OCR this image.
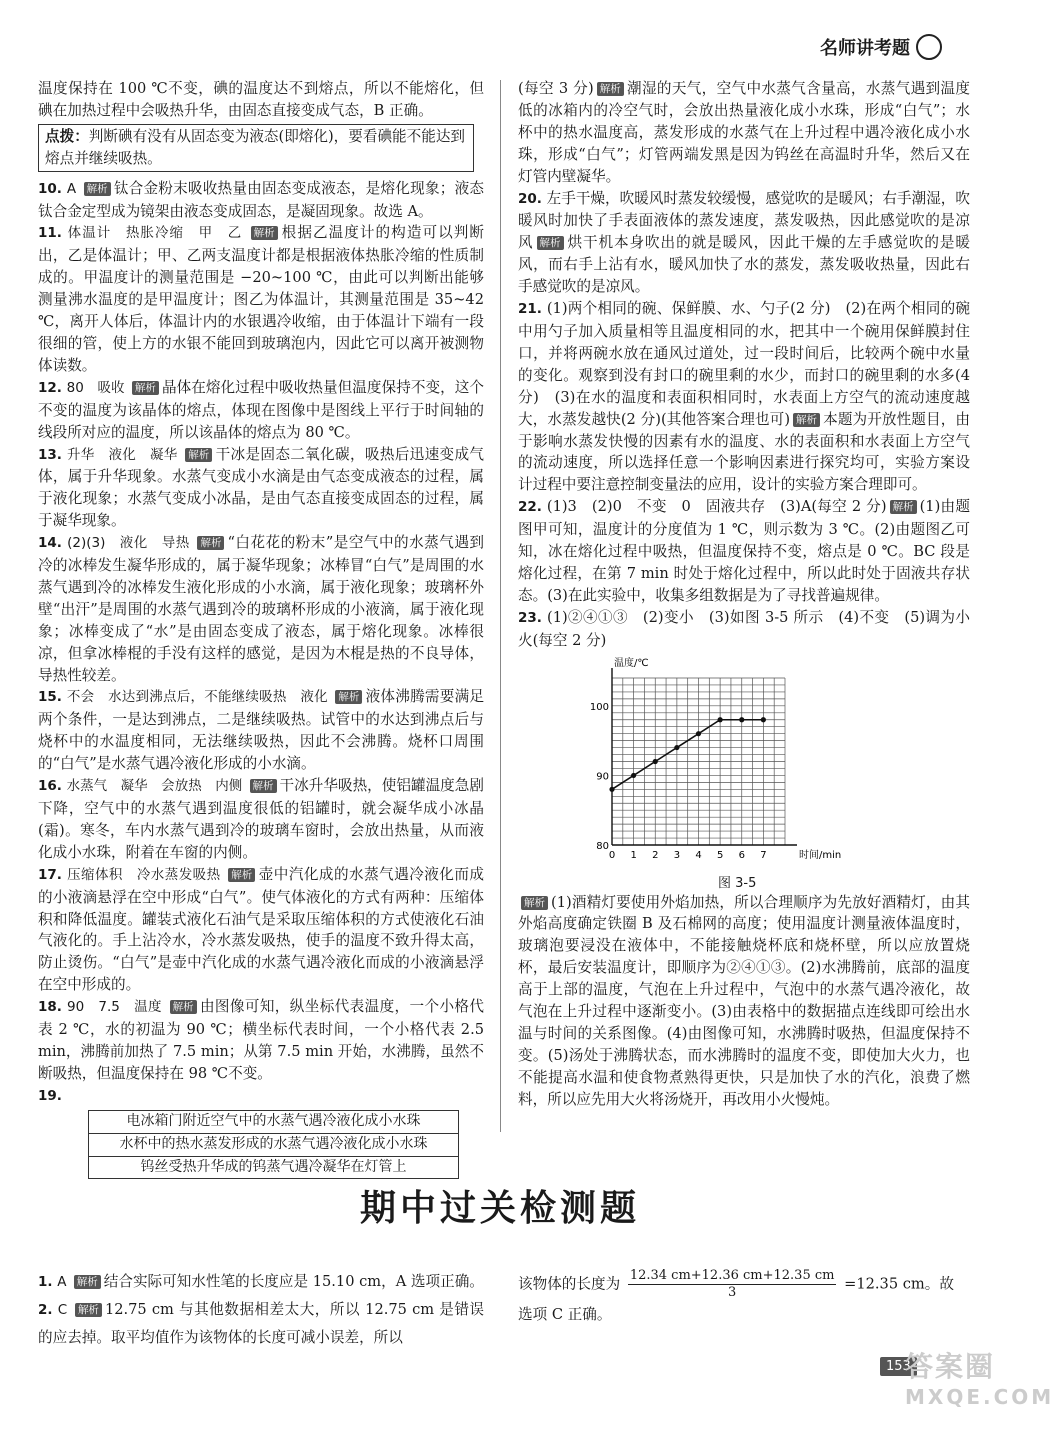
名师讲考题
温度保持在 100 ℃不变，碘的温度达不到熔点，所以不能熔化，但碘在加热过程中会吸热升华，由固态直接变成气态，B 正确。
点拨：判断碘有没有从固态变为液态(即熔化)，要看碘能不能达到熔点并继续吸热。
10. A 解析 钛合金粉末吸收热量由固态变成液态，是熔化现象；液态钛合金定型成为镜架由液态变成固态，是凝固现象。故选 A。
11. 体温计　热胀冷缩　甲　乙 解析 根据乙温度计的构造可以判断出，乙是体温计；甲、乙两支温度计都是根据液体热胀冷缩的性质制成的。甲温度计的测量范围是 −20~100 ℃，由此可以判断出能够测量沸水温度的是甲温度计；图乙为体温计，其测量范围是 35~42 ℃，离开人体后，体温计内的水银遇冷收缩，由于体温计下端有一段很细的管，使上方的水银不能回到玻璃泡内，因此它可以离开被测物体读数。
12. 80　吸收 解析 晶体在熔化过程中吸收热量但温度保持不变，这个不变的温度为该晶体的熔点，体现在图像中是图线上平行于时间轴的线段所对应的温度，所以该晶体的熔点为 80 ℃。
13. 升华　液化　凝华 解析 干冰是固态二氧化碳，吸热后迅速变成气体，属于升华现象。水蒸气变成小水滴是由气态变成液态的过程，属于液化现象；水蒸气变成小冰晶，是由气态直接变成固态的过程，属于凝华现象。
14. (2)(3)　液化　导热 解析 “白花花的粉末”是空气中的水蒸气遇到冷的冰棒发生凝华形成的，属于凝华现象；冰棒冒“白气”是周围的水蒸气遇到冷的冰棒发生液化形成的小水滴，属于液化现象；玻璃杯外壁“出汗”是周围的水蒸气遇到冷的玻璃杯形成的小液滴，属于液化现象；冰棒变成了“水”是由固态变成了液态，属于熔化现象。冰棒很凉，但拿冰棒棍的手没有这样的感觉，是因为木棍是热的不良导体，导热性较差。
15. 不会　水达到沸点后，不能继续吸热　液化 解析 液体沸腾需要满足两个条件，一是达到沸点，二是继续吸热。试管中的水达到沸点后与烧杯中的水温度相同，无法继续吸热，因此不会沸腾。烧杯口周围的“白气”是水蒸气遇冷液化形成的小水滴。
16. 水蒸气　凝华　会放热　内侧 解析 干冰升华吸热，使铝罐温度急剧下降，空气中的水蒸气遇到温度很低的铝罐时，就会凝华成小冰晶(霜)。寒冬，车内水蒸气遇到冷的玻璃车窗时，会放出热量，从而液化成小水珠，附着在车窗的内侧。
17. 压缩体积　冷水蒸发吸热 解析 壶中汽化成的水蒸气遇冷液化而成的小液滴悬浮在空中形成“白气”。使气体液化的方式有两种：压缩体积和降低温度。罐装式液化石油气是采取压缩体积的方式使液化石油气液化的。手上沾冷水，冷水蒸发吸热，使手的温度不致升得太高，防止烫伤。“白气”是壶中汽化成的水蒸气遇冷液化而成的小液滴悬浮在空中形成的。
18. 90　7.5　温度 解析 由图像可知，纵坐标代表温度，一个小格代表 2 ℃，水的初温为 90 ℃；横坐标代表时间，一个小格代表 2.5 min，沸腾前加热了 7.5 min；从第 7.5 min 开始，水沸腾，虽然不断吸热，但温度保持在 98 ℃不变。
19.
电冰箱门附近空气中的水蒸气遇冷液化成小水珠
水杯中的热水蒸发形成的水蒸气遇冷液化成小水珠
钨丝受热升华成的钨蒸气遇冷凝华在灯管上
(每空 3 分) 解析 潮湿的天气，空气中水蒸气含量高，水蒸气遇到温度低的冰箱内的冷空气时，会放出热量液化成小水珠，形成“白气”；水杯中的热水温度高，蒸发形成的水蒸气在上升过程中遇冷液化成小水珠，形成“白气”；灯管两端发黑是因为钨丝在高温时升华，然后又在灯管内壁凝华。
20. 左手干燥，吹暖风时蒸发较缓慢，感觉吹的是暖风；右手潮湿，吹暖风时加快了手表面液体的蒸发速度，蒸发吸热，因此感觉吹的是凉风 解析 烘干机本身吹出的就是暖风，因此干燥的左手感觉吹的是暖风，而右手上沾有水，暖风加快了水的蒸发，蒸发吸收热量，因此右手感觉吹的是凉风。
21. (1)两个相同的碗、保鲜膜、水、勺子(2 分)　(2)在两个相同的碗中用勺子加入质量相等且温度相同的水，把其中一个碗用保鲜膜封住口，并将两碗水放在通风过道处，过一段时间后，比较两个碗中水量的变化。观察到没有封口的碗里剩的水少，而封口的碗里剩的水多(4 分)　(3)在水的温度和表面积相同时，水表面上方空气的流动速度越大，水蒸发越快(2 分)(其他答案合理也可) 解析 本题为开放性题目，由于影响水蒸发快慢的因素有水的温度、水的表面积和水表面上方空气的流动速度，所以选择任意一个影响因素进行探究均可，实验方案设计过程中要注意控制变量法的应用，设计的实验方案合理即可。
22. (1)3　(2)0　不变　0　固液共存　(3)A(每空 2 分) 解析 (1)由题图甲可知，温度计的分度值为 1 ℃，则示数为 3 ℃。(2)由题图乙可知，冰在熔化过程中吸热，但温度保持不变，熔点是 0 ℃。BC 段是熔化过程，在第 7 min 时处于熔化过程中，所以此时处于固液共存状态。(3)在此实验中，收集多组数据是为了寻找普遍规律。
23. (1)②④①③　(2)变小　(3)如图 3-5 所示　(4)不变　(5)调为小火(每空 2 分)
解析 (1)酒精灯要使用外焰加热，所以合理顺序为先放好酒精灯，由其外焰高度确定铁圈 B 及石棉网的高度；使用温度计测量液体温度时，玻璃泡要浸没在液体中，不能接触烧杯底和烧杯壁，所以应放置烧杯，最后安装温度计，即顺序为②④①③。(2)水沸腾前，底部的温度高于上部的温度，气泡在上升过程中，气泡中的水蒸气遇冷液化，故气泡在上升过程中逐渐变小。(3)由表格中的数据描点连线即可绘出水温与时间的关系图像。(4)由图像可知，水沸腾时吸热，但温度保持不变。(5)汤处于沸腾状态，而水沸腾时的温度不变，即使加大火力，也不能提高水温和使食物煮熟得更快，只是加快了水的汽化，浪费了燃料，所以应先用大火将汤烧开，再改用小火慢炖。
0 1 2 3 4 5 6 7
80
90
100
时间/min
温度/℃
图 3-5
期中过关检测题
1. A 解析 结合实际可知水性笔的长度应是 15.10 cm，A 选项正确。
2. C 解析 12.75 cm 与其他数据相差太大，所以 12.75 cm 是错误的应去掉。取平均值作为该物体的长度可减小误差，所以
该物体的长度为 $\frac{12.34 cm+12.36 cm+12.35 cm}{3} =12.35$ cm。故
选项 C 正确。
153
答案圈
MXQE.COM
